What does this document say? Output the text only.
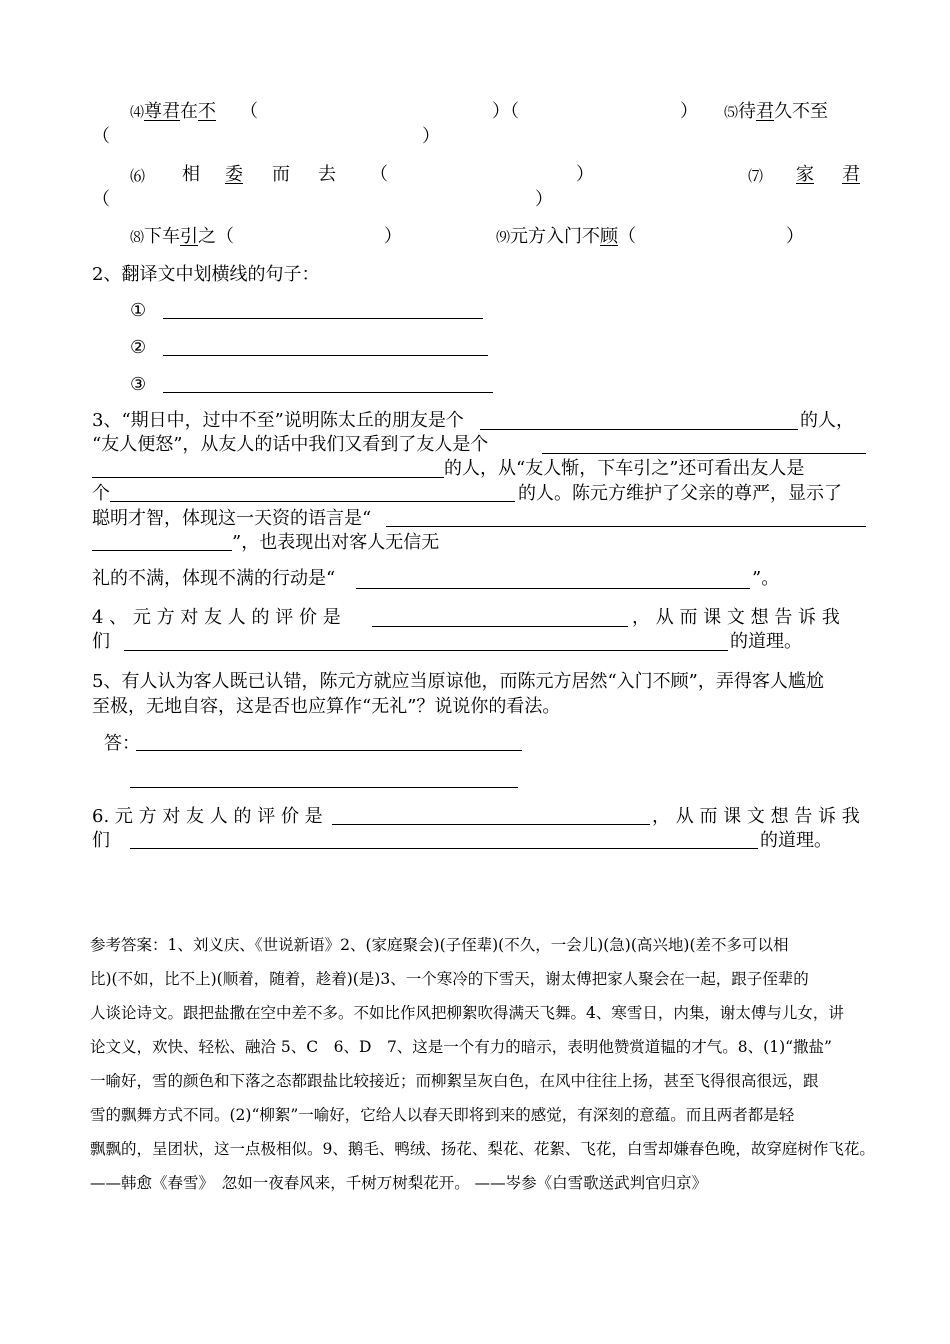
⑷尊君在不 （	）（	） ⑸待君久不至
（	）
⑹ 相 委	而 去 （	）	⑺ 家 君
（	）
⑻下车引之（	）	⑼元方入门不顾（	）
2、翻译文中划横线的句子：
①
②
③
3、“期日中，过中不至”说明陈太丘的朋友是个	的人，
“友人便怒”，从友人的话中我们又看到了友人是个
的人，从“友人惭，下车引之”还可看出友人是
个	的人。陈元方维护了父亲的尊严，显示了
聪明才智，体现这一天资的语言是“
”，也表现出对客人无信无
礼的不满，体现不满的行动是“	”。
4 、 元 方 对 友 人 的 评 价 是	， 从 而 课 文 想 告 诉 我
们	的道理。
5、有人认为客人既已认错，陈元方就应当原谅他，而陈元方居然“入门不顾”，弄得客人尴尬
至极，无地自容，这是否也应算作“无礼”？说说你的看法。
答：
6. 元 方 对 友 人 的 评 价 是	， 从 而 课 文 想 告 诉 我
们	的道理。
参考答案：1、刘义庆、《世说新语》2、(家庭聚会)(子侄辈)(不久，一会儿)(急)(高兴地)(差不多可以相
比)(不如，比不上)(顺着，随着，趁着)(是)3、一个寒冷的下雪天，谢太傅把家人聚会在一起，跟子侄辈的
人谈论诗文。跟把盐撒在空中差不多。不如比作风把柳絮吹得满天飞舞。4、寒雪日，内集，谢太傅与儿女，讲
论文义，欢快、轻松、融洽 5、C　6、D　7、这是一个有力的暗示，表明他赞赏道韫的才气。8、(1)“撒盐”
一喻好，雪的颜色和下落之态都跟盐比较接近；而柳絮呈灰白色，在风中往往上扬，甚至飞得很高很远，跟
雪的飘舞方式不同。(2)“柳絮”一喻好，它给人以春天即将到来的感觉，有深刻的意蕴。而且两者都是轻
飘飘的，呈团状，这一点极相似。9、鹅毛、鸭绒、扬花、梨花、花絮、飞花，白雪却嫌春色晚，故穿庭树作飞花。
——韩愈《春雪》　忽如一夜春风来，千树万树梨花开。 ——岑参《白雪歌送武判官归京》
